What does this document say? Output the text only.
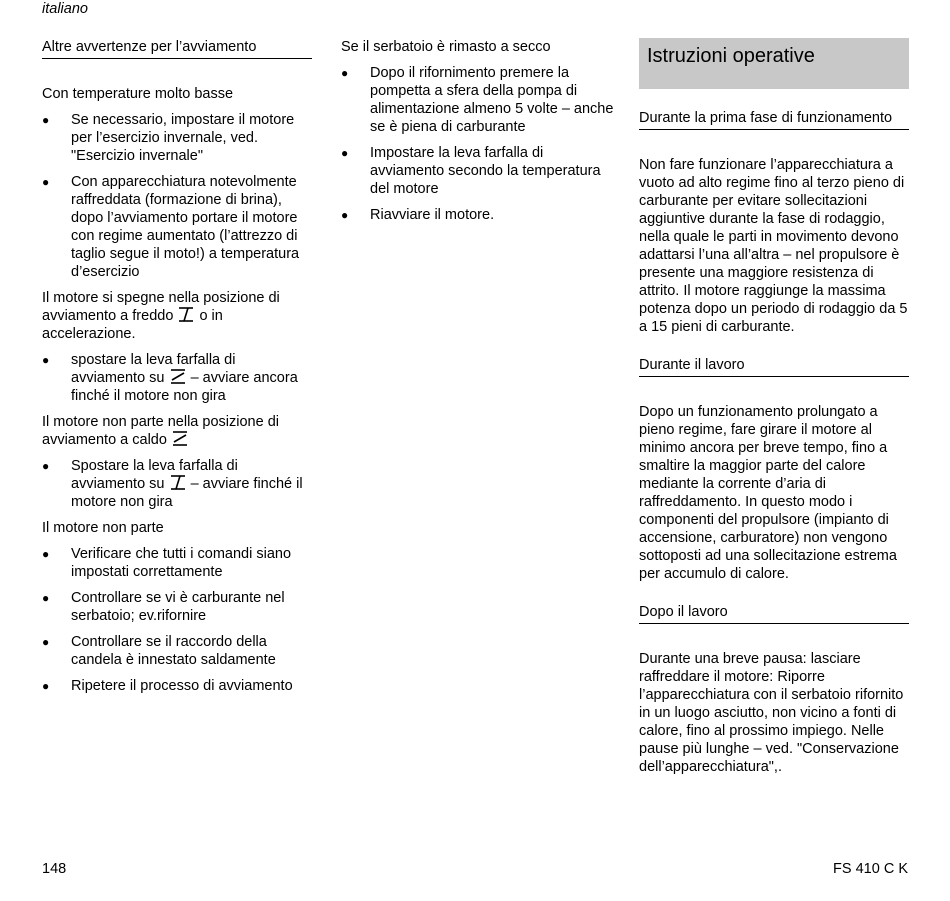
italiano
Altre avvertenze per l’avviamento
Con temperature molto basse
● Se necessario, impostare il motore per l’esercizio invernale, ved. "Esercizio invernale"
● Con apparecchiatura notevolmente raffreddata (formazione di brina), dopo l’avviamento portare il motore con regime aumentato (l’attrezzo di taglio segue il moto!) a temperatura d’esercizio
Il motore si spegne nella posizione di avviamento a freddo o in accelerazione.
● spostare la leva farfalla di avviamento su – avviare ancora finché il motore non gira
Il motore non parte nella posizione di avviamento a caldo
● Spostare la leva farfalla di avviamento su – avviare finché il motore non gira
Il motore non parte
● Verificare che tutti i comandi siano impostati correttamente
● Controllare se vi è carburante nel serbatoio; ev.rifornire
● Controllare se il raccordo della candela è innestato saldamente
● Ripetere il processo di avviamento
Se il serbatoio è rimasto a secco
● Dopo il rifornimento premere la pompetta a sfera della pompa di alimentazione almeno 5 volte – anche se è piena di carburante
● Impostare la leva farfalla di avviamento secondo la temperatura del motore
● Riavviare il motore.
Istruzioni operative
Durante la prima fase di funzionamento

Non fare funzionare l’apparecchiatura a vuoto ad alto regime fino al terzo pieno di carburante per evitare sollecitazioni aggiuntive durante la fase di rodaggio, nella quale le parti in movimento devono adattarsi l’una all’altra – nel propulsore è presente una maggiore resistenza di attrito. Il motore raggiunge la massima potenza dopo un periodo di rodaggio da 5 a 15 pieni di carburante.

Durante il lavoro

Dopo un funzionamento prolungato a pieno regime, fare girare il motore al minimo ancora per breve tempo, fino a smaltire la maggior parte del calore mediante la corrente d’aria di raffreddamento. In questo modo i componenti del propulsore (impianto di accensione, carburatore) non vengono sottoposti ad una sollecitazione estrema per accumulo di calore.

Dopo il lavoro

Durante una breve pausa: lasciare raffreddare il motore: Riporre l’apparecchiatura con il serbatoio rifornito in un luogo asciutto, non vicino a fonti di calore, fino al prossimo impiego. Nelle pause più lunghe – ved. "Conservazione dell’apparecchiatura",.

148	FS 410 C K
